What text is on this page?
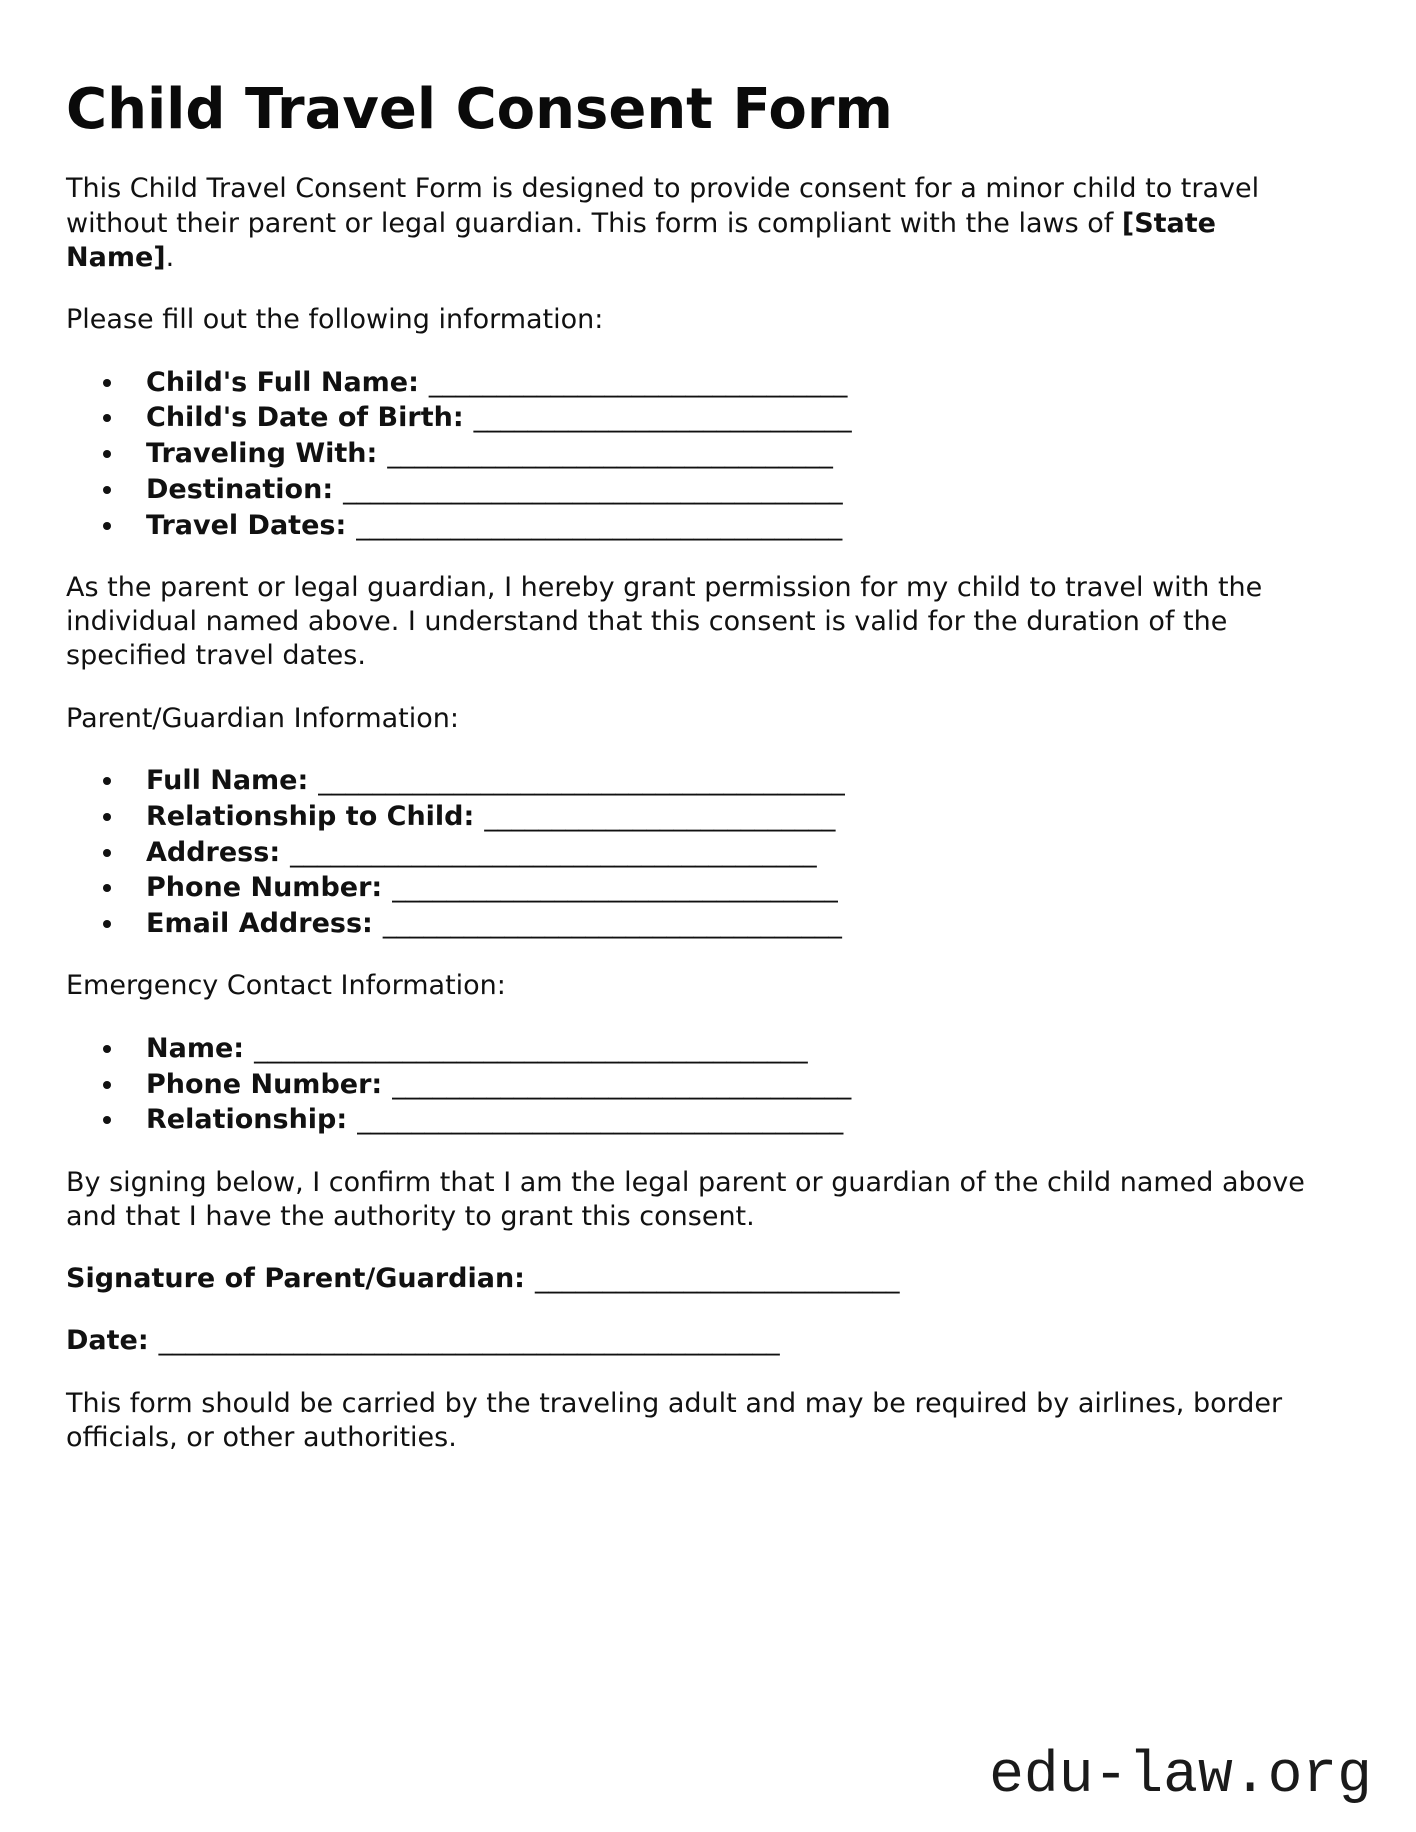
Child Travel Consent Form

This Child Travel Consent Form is designed to provide consent for a minor child to travel without their parent or legal guardian. This form is compliant with the laws of [State Name].

Please fill out the following information:

• Child's Full Name: _______________________________
• Child's Date of Birth: ____________________________
• Traveling With: _________________________________
• Destination: _____________________________________
• Travel Dates: ____________________________________

As the parent or legal guardian, I hereby grant permission for my child to travel with the individual named above. I understand that this consent is valid for the duration of the specified travel dates.

Parent/Guardian Information:

• Full Name: _______________________________________
• Relationship to Child: __________________________
• Address: _______________________________________
• Phone Number: _________________________________
• Email Address: __________________________________

Emergency Contact Information:

• Name: _________________________________________
• Phone Number: __________________________________
• Relationship: ____________________________________

By signing below, I confirm that I am the legal parent or guardian of the child named above and that I have the authority to grant this consent.

Signature of Parent/Guardian: ___________________________

Date: ______________________________________________

This form should be carried by the traveling adult and may be required by airlines, border officials, or other authorities.

edu-law.org
